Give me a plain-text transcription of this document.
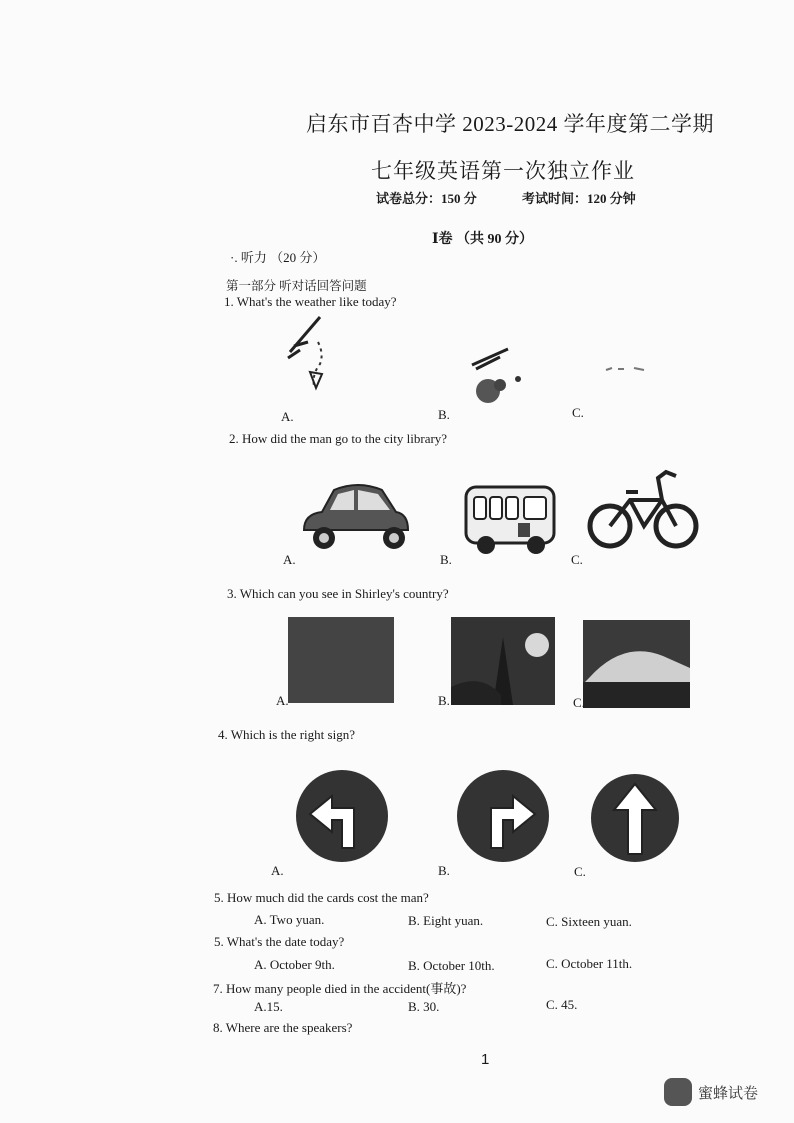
启东市百杏中学 2023-2024 学年度第二学期
七年级英语第一次独立作业
试卷总分：150 分	考试时间：120 分钟
Ⅰ卷 （共 90 分）
·. 听力 （20 分）
第一部分 听对话回答问题
1. What's the weather like today?
A.	B.	C.
2. How did the man go to the city library?
A.	B.	C.
3. Which can you see in Shirley's country?
A.	B.	C.
4. Which is the right sign?
A.	B.	C.
5. How much did the cards cost the man?
A. Two yuan.	B. Eight yuan.	C. Sixteen yuan.
5. What's the date today?
A. October 9th.	B. October 10th.	C. October 11th.
7. How many people died in the accident(事故)?
A.15.	B. 30.	C. 45.
8. Where are the speakers?
1
蜜蜂试卷
